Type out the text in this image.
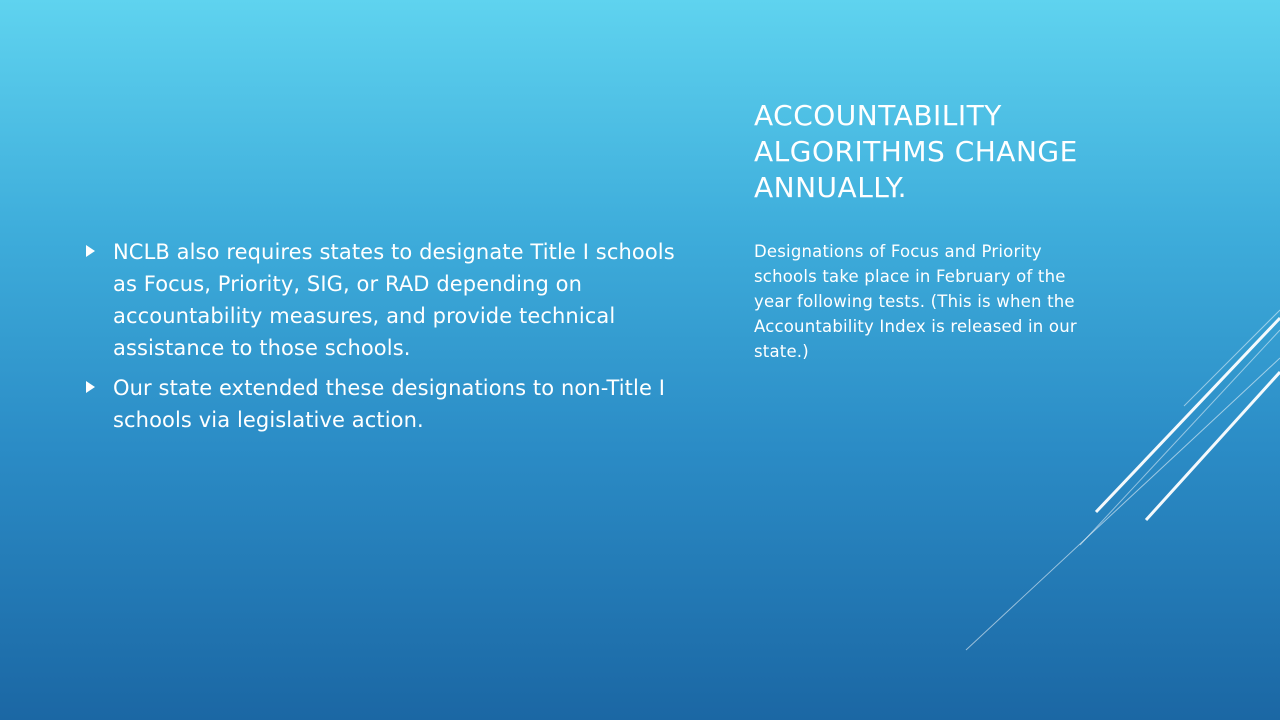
ACCOUNTABILITY ALGORITHMS CHANGE ANNUALLY.

Designations of Focus and Priority schools take place in February of the year following tests. (This is when the Accountability Index is released in our state.)

NCLB also requires states to designate Title I schools as Focus, Priority, SIG, or RAD depending on accountability measures, and provide technical assistance to those schools.
Our state extended these designations to non-Title I schools via legislative action.
